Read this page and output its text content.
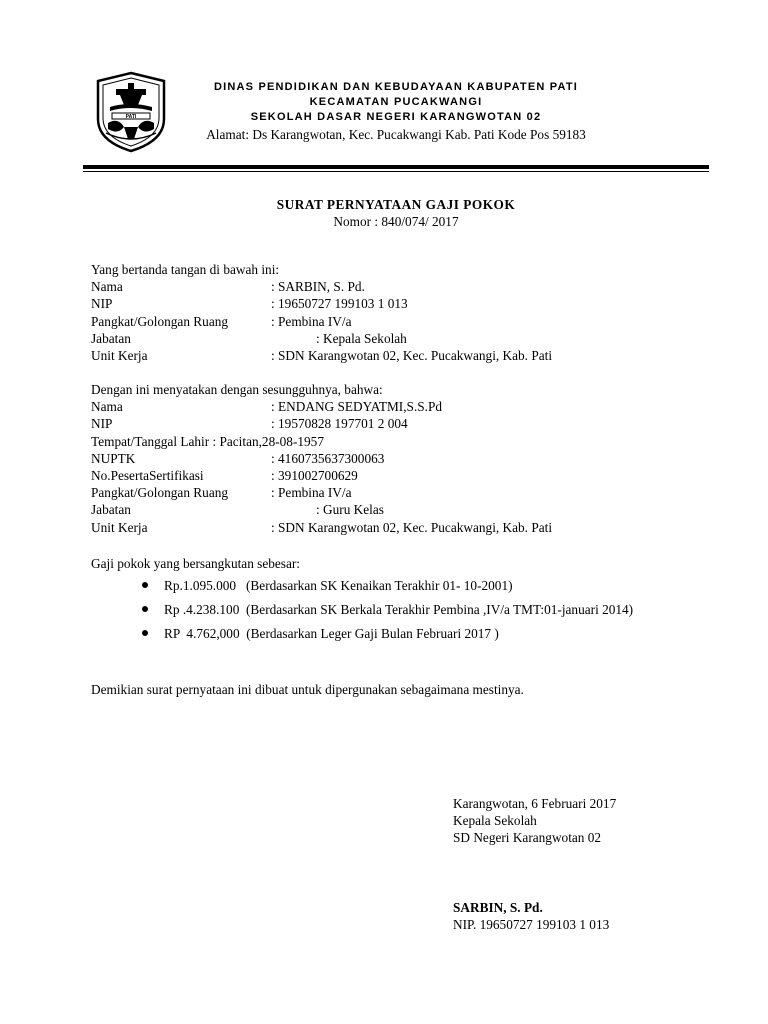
PATI
DINAS PENDIDIKAN DAN KEBUDAYAAN KABUPATEN PATI
KECAMATAN PUCAKWANGI
SEKOLAH DASAR NEGERI KARANGWOTAN 02
Alamat: Ds Karangwotan, Kec. Pucakwangi Kab. Pati Kode Pos 59183
SURAT PERNYATAAN GAJI POKOK
Nomor : 840/074/ 2017
Yang bertanda tangan di bawah ini:
Nama	: SARBIN, S. Pd.
NIP	: 19650727 199103 1 013
Pangkat/Golongan Ruang	: Pembina IV/a
Jabatan	: Kepala Sekolah
Unit Kerja	: SDN Karangwotan 02, Kec. Pucakwangi, Kab. Pati
Dengan ini menyatakan dengan sesungguhnya, bahwa:
Nama	: ENDANG SEDYATMI,S.S.Pd
NIP	: 19570828 197701 2 004
Tempat/Tanggal Lahir : Pacitan,28-08-1957
NUPTK	: 4160735637300063
No.PesertaSertifikasi	: 391002700629
Pangkat/Golongan Ruang	: Pembina IV/a
Jabatan	: Guru Kelas
Unit Kerja	: SDN Karangwotan 02, Kec. Pucakwangi, Kab. Pati
Gaji pokok yang bersangkutan sebesar:
Rp.1.095.000   (Berdasarkan SK Kenaikan Terakhir 01- 10-2001)
Rp .4.238.100  (Berdasarkan SK Berkala Terakhir Pembina ,IV/a TMT:01-januari 2014)
RP  4.762,000  (Berdasarkan Leger Gaji Bulan Februari 2017 )
Demikian surat pernyataan ini dibuat untuk dipergunakan sebagaimana mestinya.
Karangwotan, 6 Februari 2017
Kepala Sekolah
SD Negeri Karangwotan 02
SARBIN, S. Pd.
NIP. 19650727 199103 1 013
